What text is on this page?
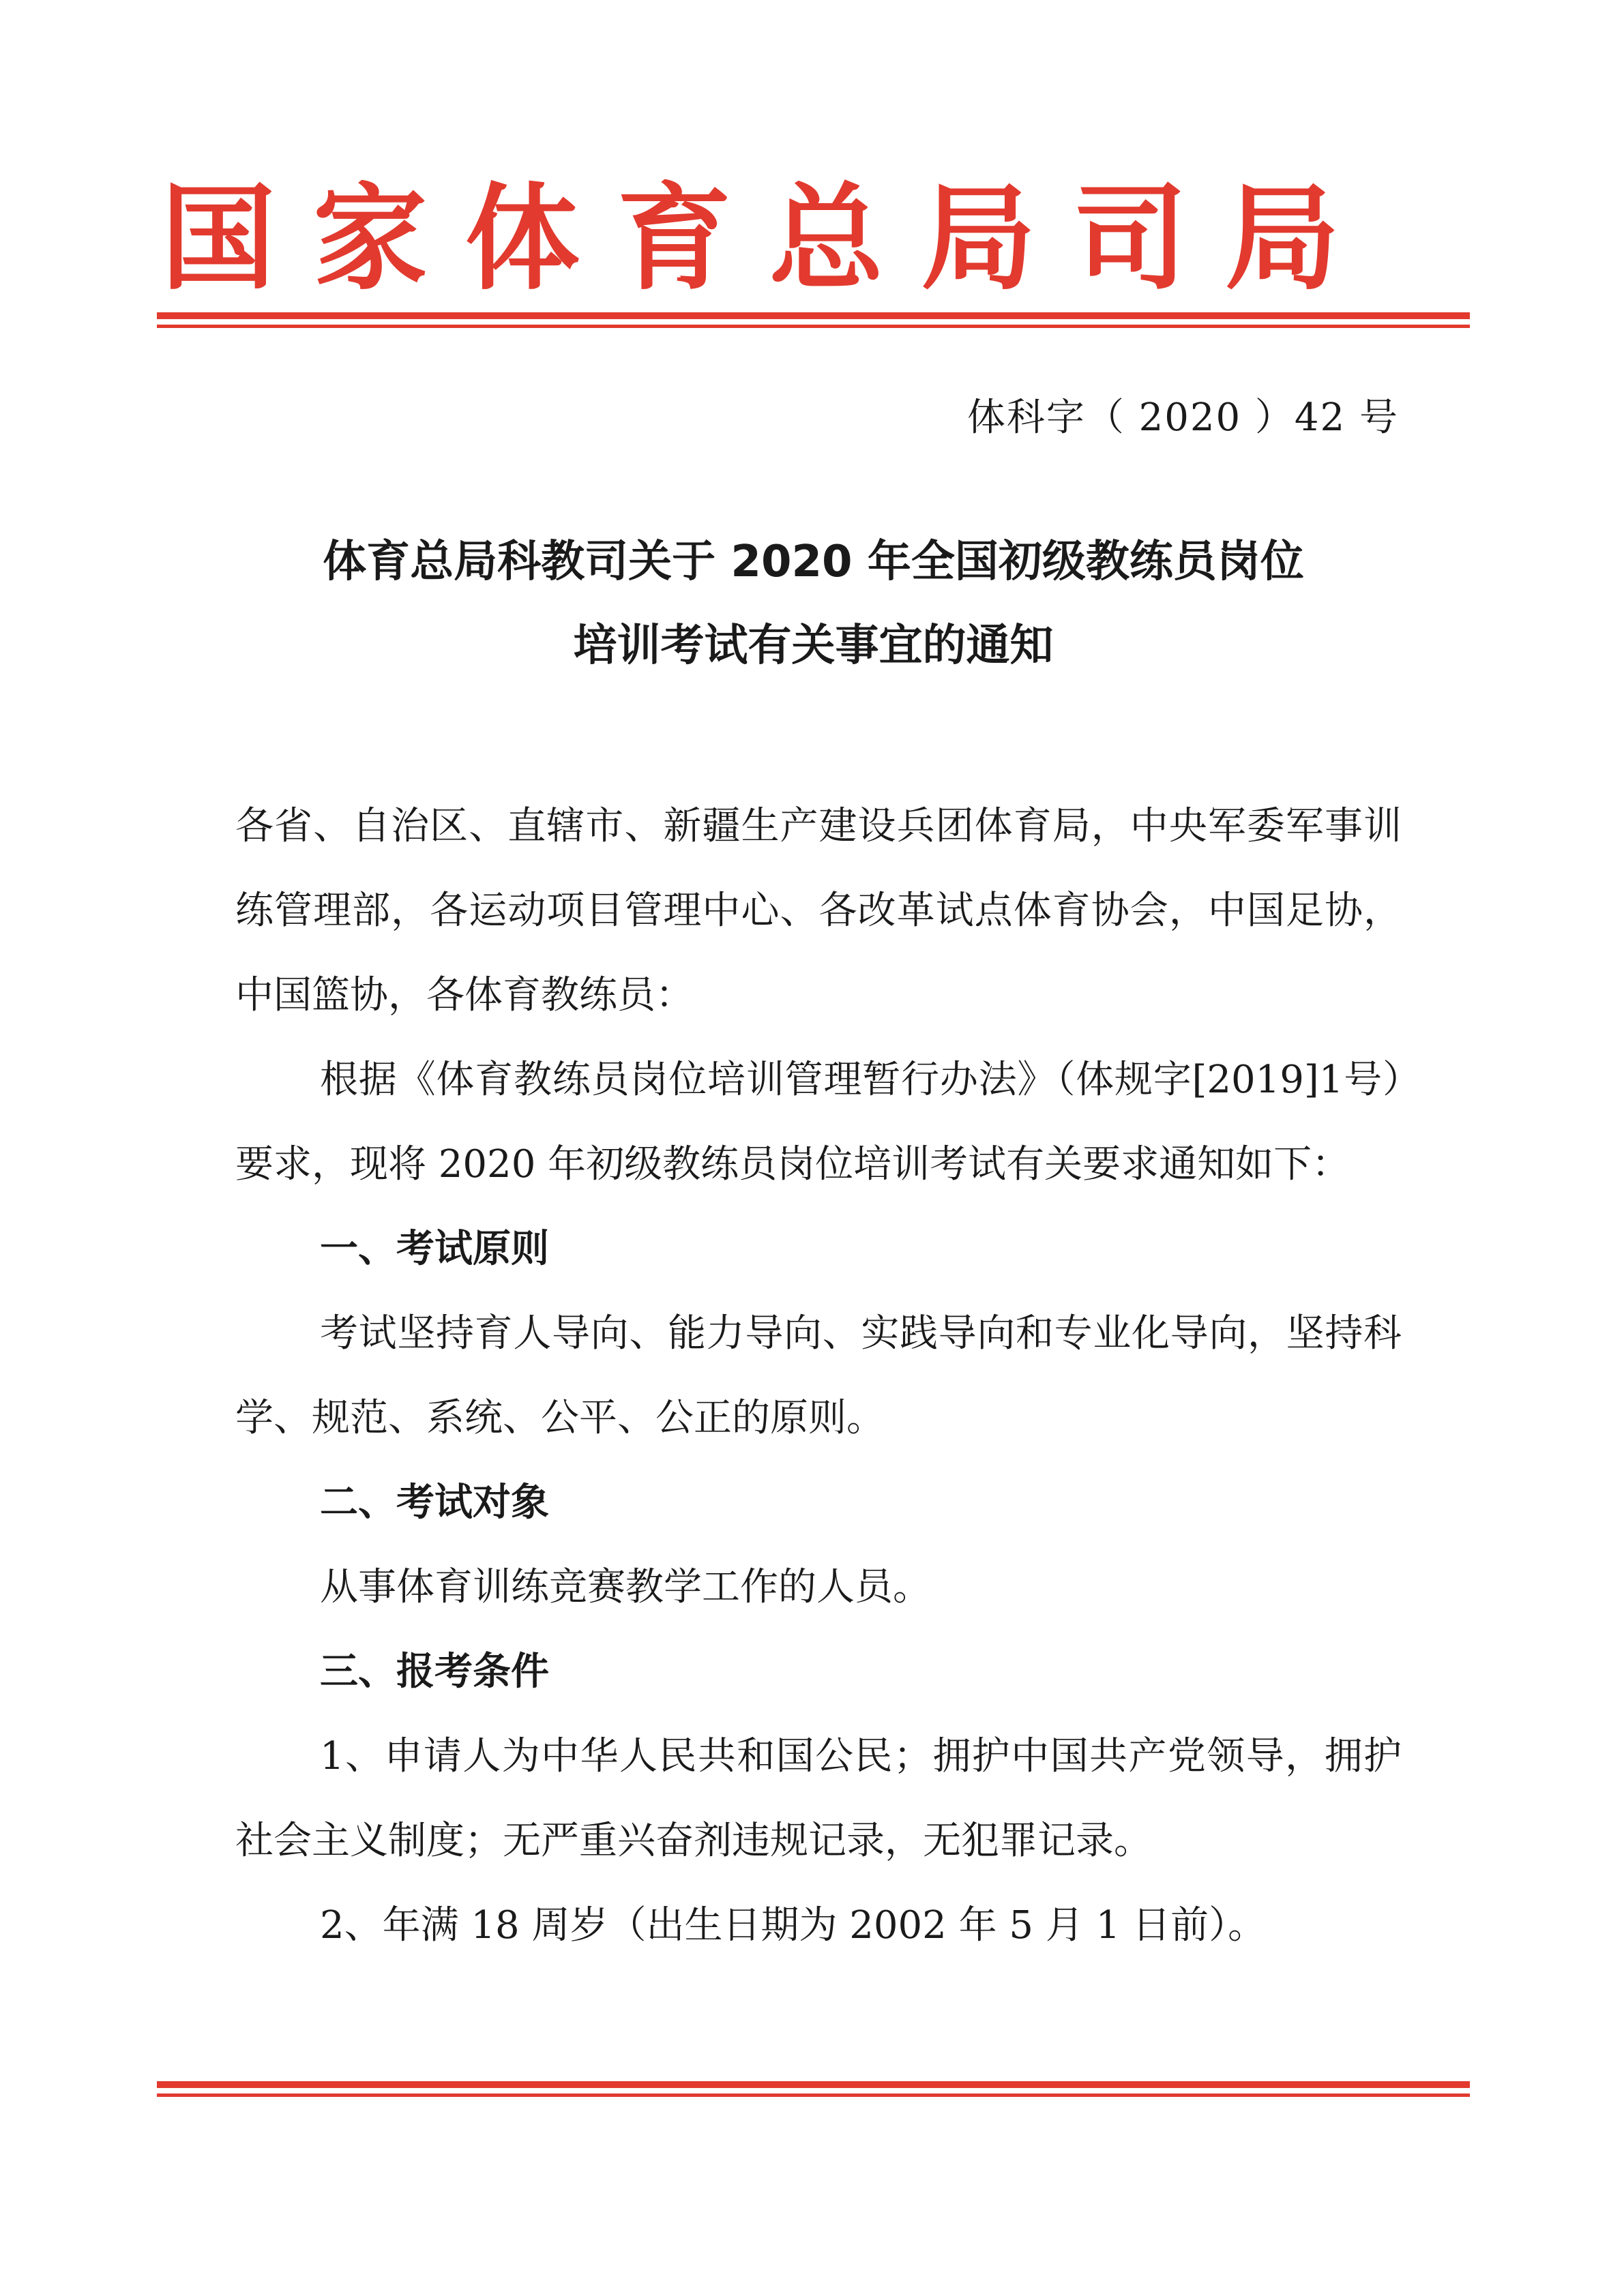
国 家 体 育 总 局 司 局
体科字（ 2020 ）42 号
体育总局科教司关于 2020 年全国初级教练员岗位
培训考试有关事宜的通知

各省、自治区、直辖市、新疆生产建设兵团体育局，中央军委军事训练管理部，各运动项目管理中心、各改革试点体育协会，中国足协，中国篮协，各体育教练员：

根据《体育教练员岗位培训管理暂行办法》（体规字[2019]1号）要求，现将 2020 年初级教练员岗位培训考试有关要求通知如下：

一、考试原则

考试坚持育人导向、能力导向、实践导向和专业化导向，坚持科学、规范、系统、公平、公正的原则。

二、考试对象

从事体育训练竞赛教学工作的人员。

三、报考条件

1、申请人为中华人民共和国公民；拥护中国共产党领导，拥护社会主义制度；无严重兴奋剂违规记录，无犯罪记录。

2、年满 18 周岁（出生日期为 2002 年 5 月 1 日前）。
